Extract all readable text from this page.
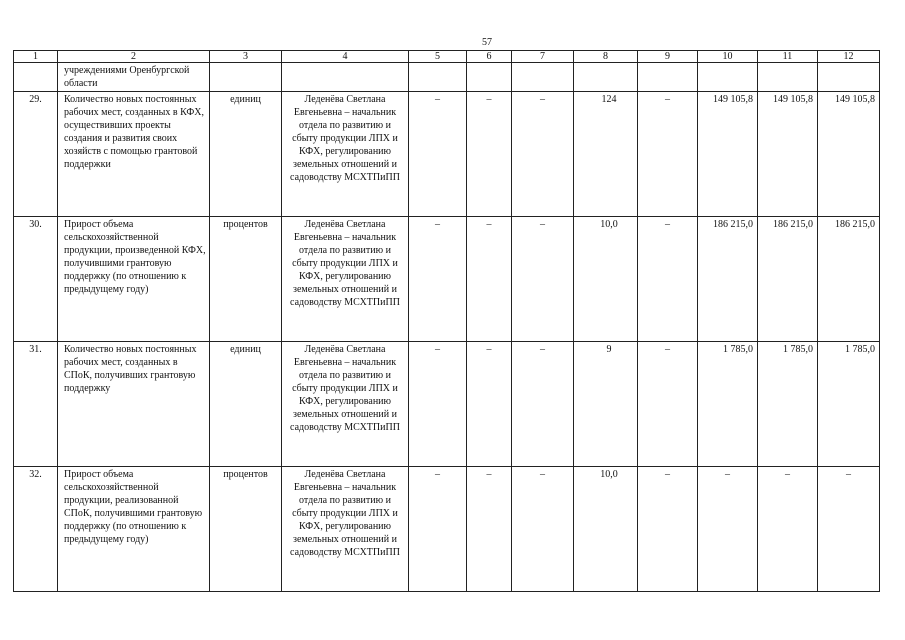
57
1	2	3	4	5	6	7	8	9	10	11	12
	учреждениями Оренбургской области										
29.	Количество новых постоянных рабочих мест, созданных в КФХ, осуществивших проекты создания и развития своих хозяйств с помощью грантовой поддержки	единиц	Леденёва Светлана Евгеньевна – начальник отдела по развитию и сбыту продукции ЛПХ и КФХ, регулированию земельных отношений и садоводству МСХТПиПП	–	–	–	124	–	149 105,8	149 105,8	149 105,8
30.	Прирост объема сельскохозяйственной продукции, произведенной КФХ, получившими грантовую поддержку (по отношению к предыдущему году)	процентов	Леденёва Светлана Евгеньевна – начальник отдела по развитию и сбыту продукции ЛПХ и КФХ, регулированию земельных отношений и садоводству МСХТПиПП	–	–	–	10,0	–	186 215,0	186 215,0	186 215,0
31.	Количество новых постоянных рабочих мест, созданных в СПоК, получивших грантовую поддержку	единиц	Леденёва Светлана Евгеньевна – начальник отдела по развитию и сбыту продукции ЛПХ и КФХ, регулированию земельных отношений и садоводству МСХТПиПП	–	–	–	9	–	1 785,0	1 785,0	1 785,0
32.	Прирост объема сельскохозяйственной продукции, реализованной СПоК, получившими грантовую поддержку (по отношению к предыдущему году)	процентов	Леденёва Светлана Евгеньевна – начальник отдела по развитию и сбыту продукции ЛПХ и КФХ, регулированию земельных отношений и садоводству МСХТПиПП	–	–	–	10,0	–	–	–	–
